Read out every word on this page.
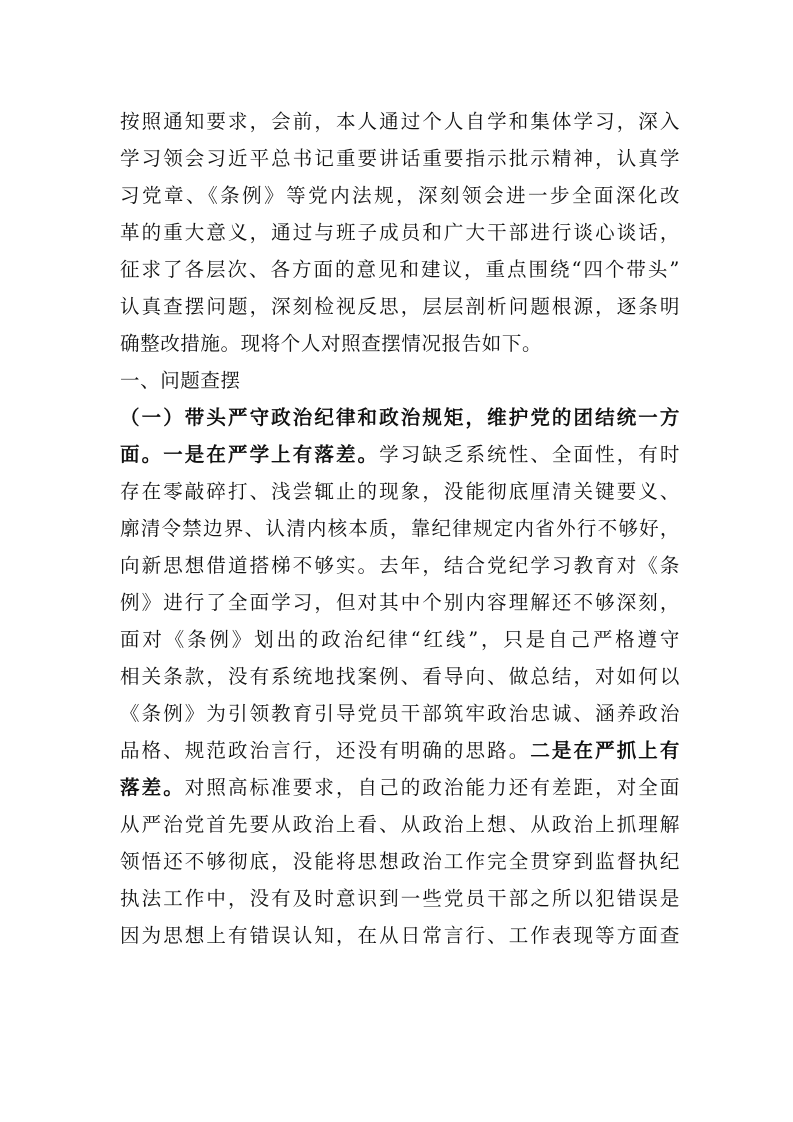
按照通知要求，会前，本人通过个人自学和集体学习，深入
学习领会习近平总书记重要讲话重要指示批示精神，认真学
习党章、《条例》等党内法规，深刻领会进一步全面深化改
革的重大意义，通过与班子成员和广大干部进行谈心谈话，
征求了各层次、各方面的意见和建议，重点围绕“四个带头”
认真查摆问题，深刻检视反思，层层剖析问题根源，逐条明
确整改措施。现将个人对照查摆情况报告如下。
一、问题查摆
（一）带头严守政治纪律和政治规矩，维护党的团结统一方
面。一是在严学上有落差。学习缺乏系统性、全面性，有时
存在零敲碎打、浅尝辄止的现象，没能彻底厘清关键要义、
廓清令禁边界、认清内核本质，靠纪律规定内省外行不够好，
向新思想借道搭梯不够实。去年，结合党纪学习教育对《条
例》进行了全面学习，但对其中个别内容理解还不够深刻，
面对《条例》划出的政治纪律“红线”，只是自己严格遵守
相关条款，没有系统地找案例、看导向、做总结，对如何以
《条例》为引领教育引导党员干部筑牢政治忠诚、涵养政治
品格、规范政治言行，还没有明确的思路。二是在严抓上有
落差。对照高标准要求，自己的政治能力还有差距，对全面
从严治党首先要从政治上看、从政治上想、从政治上抓理解
领悟还不够彻底，没能将思想政治工作完全贯穿到监督执纪
执法工作中，没有及时意识到一些党员干部之所以犯错误是
因为思想上有错误认知，在从日常言行、工作表现等方面查
